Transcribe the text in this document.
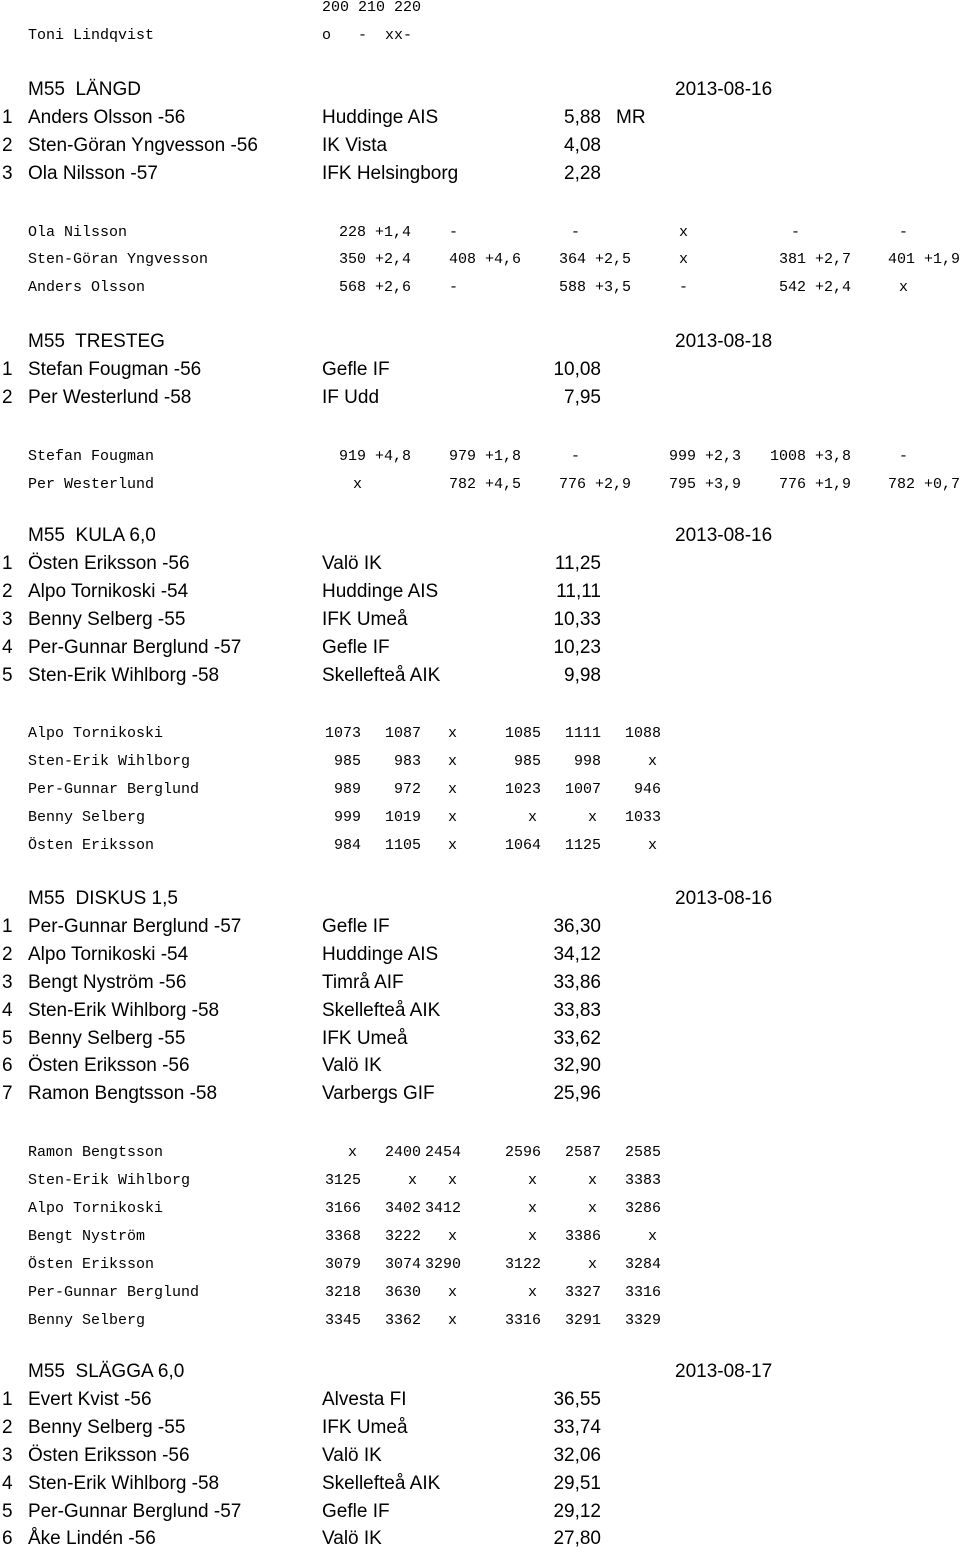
200 210 220
Toni Lindqvist	o   -  xx-
M55  LÄNGD	2013-08-16
1 Anders Olsson -56	Huddinge AIS	5,88 MR
2 Sten-Göran Yngvesson -56	IK Vista	4,08
3 Ola Nilsson -57	IFK Helsingborg	2,28
Ola Nilsson	228 +1,4	-	-	x	-	-
Sten-Göran Yngvesson	350 +2,4	408 +4,6	364 +2,5	x	381 +2,7 401 +1,9
Anders Olsson	568 +2,6	-	588 +3,5	-	542 +2,4	x
M55  TRESTEG	2013-08-18
1 Stefan Fougman -56	Gefle IF	10,08
2 Per Westerlund -58	IF Udd	7,95
Stefan Fougman	919 +4,8	979 +1,8	-	999 +2,3 1008 +3,8	-
Per Westerlund	x	782 +4,5	776 +2,9	795 +3,9	776 +1,9 782 +0,7
M55  KULA 6,0	2013-08-16
1 Östen Eriksson -56	Valö IK	11,25
2 Alpo Tornikoski -54	Huddinge AIS	11,11
3 Benny Selberg -55	IFK Umeå	10,33
4 Per-Gunnar Berglund -57	Gefle IF	10,23
5 Sten-Erik Wihlborg -58	Skellefteå AIK	9,98
Alpo Tornikoski	1073 1087 x	1085 1111 1088
Sten-Erik Wihlborg	985 983 x	985 998	x
Per-Gunnar Berglund	989 972 x	1023 1007 946
Benny Selberg	999 1019 x	x	x 1033
Östen Eriksson	984 1105 x	1064 1125	x
M55  DISKUS 1,5	2013-08-16
1 Per-Gunnar Berglund -57	Gefle IF	36,30
2 Alpo Tornikoski -54	Huddinge AIS	34,12
3 Bengt Nyström -56	Timrå AIF	33,86
4 Sten-Erik Wihlborg -58	Skellefteå AIK	33,83
5 Benny Selberg -55	IFK Umeå	33,62
6 Östen Eriksson -56	Valö IK	32,90
7 Ramon Bengtsson -58	Varbergs GIF	25,96
Ramon Bengtsson	x 2400 2454	2596 2587 2585
Sten-Erik Wihlborg	3125	x x	x	x 3383
Alpo Tornikoski	3166 3402 3412	x	x 3286
Bengt Nyström	3368 3222 x	x 3386	x
Östen Eriksson	3079 3074 3290	3122	x 3284
Per-Gunnar Berglund	3218 3630 x	x 3327 3316
Benny Selberg	3345 3362 x	3316 3291 3329
M55  SLÄGGA 6,0	2013-08-17
1 Evert Kvist -56	Alvesta FI	36,55
2 Benny Selberg -55	IFK Umeå	33,74
3 Östen Eriksson -56	Valö IK	32,06
4 Sten-Erik Wihlborg -58	Skellefteå AIK	29,51
5 Per-Gunnar Berglund -57	Gefle IF	29,12
6 Åke Lindén -56	Valö IK	27,80
